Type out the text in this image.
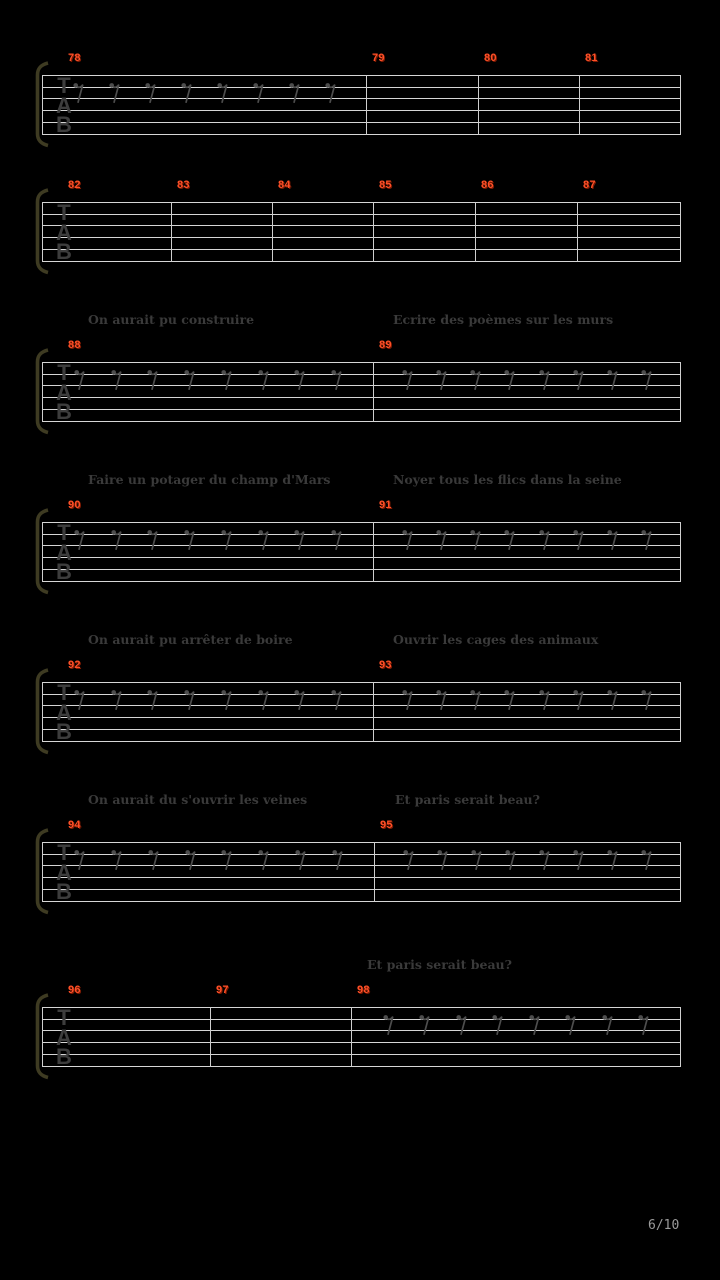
T
A
B
78	79	80	81
T
A
B
82	83	84	85	86	87
T
A
B
88	89
On aurait pu construire	Ecrire des poèmes sur les murs
T
A
B
90	91
Faire un potager du champ d'Mars	Noyer tous les flics dans la seine
T
A
B
92	93
On aurait pu arrêter de boire	Ouvrir les cages des animaux
T
A
B
94	95
On aurait du s'ouvrir les veines	Et paris serait beau?
T
A
B
96	97	98
Et paris serait beau?
6/10
